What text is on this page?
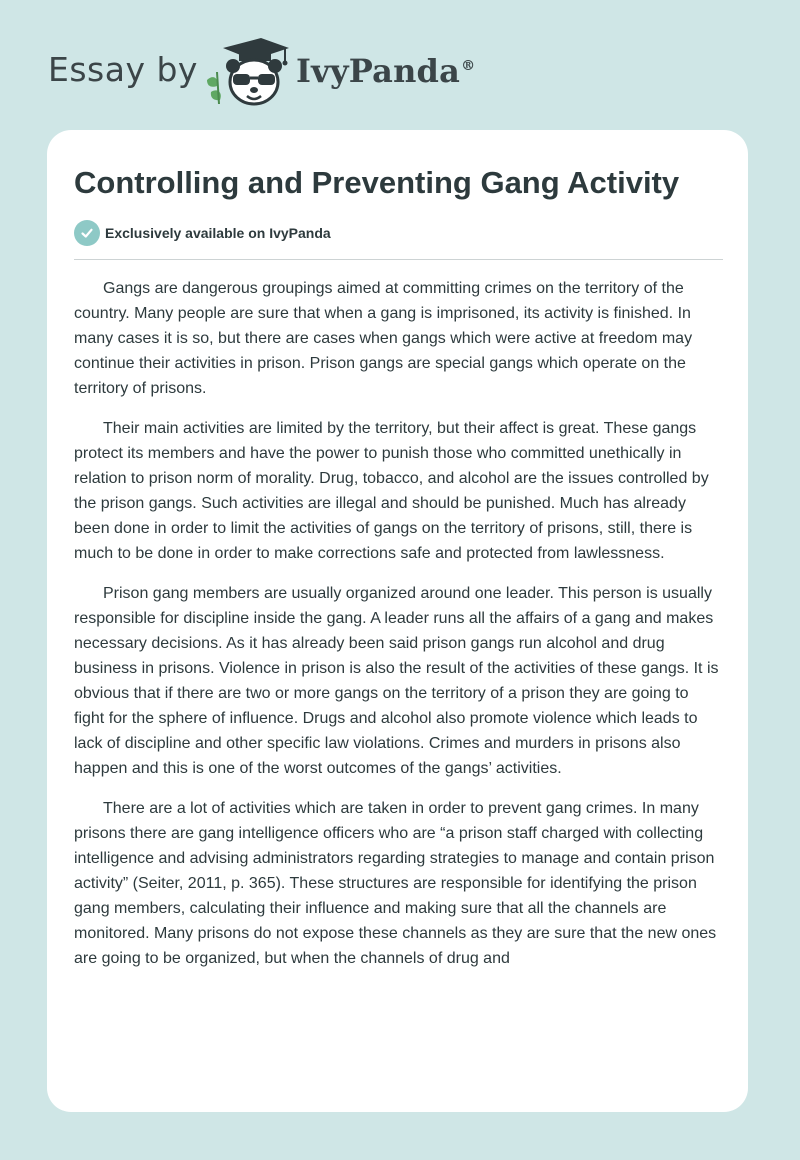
Essay by	IvyPanda®
Controlling and Preventing Gang Activity
Exclusively available on IvyPanda

Gangs are dangerous groupings aimed at committing crimes on the territory of the country. Many people are sure that when a gang is imprisoned, its activity is finished. In many cases it is so, but there are cases when gangs which were active at freedom may continue their activities in prison. Prison gangs are special gangs which operate on the territory of prisons.

Their main activities are limited by the territory, but their affect is great. These gangs protect its members and have the power to punish those who committed unethically in relation to prison norm of morality. Drug, tobacco, and alcohol are the issues controlled by the prison gangs. Such activities are illegal and should be punished. Much has already been done in order to limit the activities of gangs on the territory of prisons, still, there is much to be done in order to make corrections safe and protected from lawlessness.

Prison gang members are usually organized around one leader. This person is usually responsible for discipline inside the gang. A leader runs all the affairs of a gang and makes necessary decisions. As it has already been said prison gangs run alcohol and drug business in prisons. Violence in prison is also the result of the activities of these gangs. It is obvious that if there are two or more gangs on the territory of a prison they are going to fight for the sphere of influence. Drugs and alcohol also promote violence which leads to lack of discipline and other specific law violations. Crimes and murders in prisons also happen and this is one of the worst outcomes of the gangs’ activities.

There are a lot of activities which are taken in order to prevent gang crimes. In many prisons there are gang intelligence officers who are “a prison staff charged with collecting intelligence and advising administrators regarding strategies to manage and contain prison activity” (Seiter, 2011, p. 365). These structures are responsible for identifying the prison gang members, calculating their influence and making sure that all the channels are monitored. Many prisons do not expose these channels as they are sure that the new ones are going to be organized, but when the channels of drug and
